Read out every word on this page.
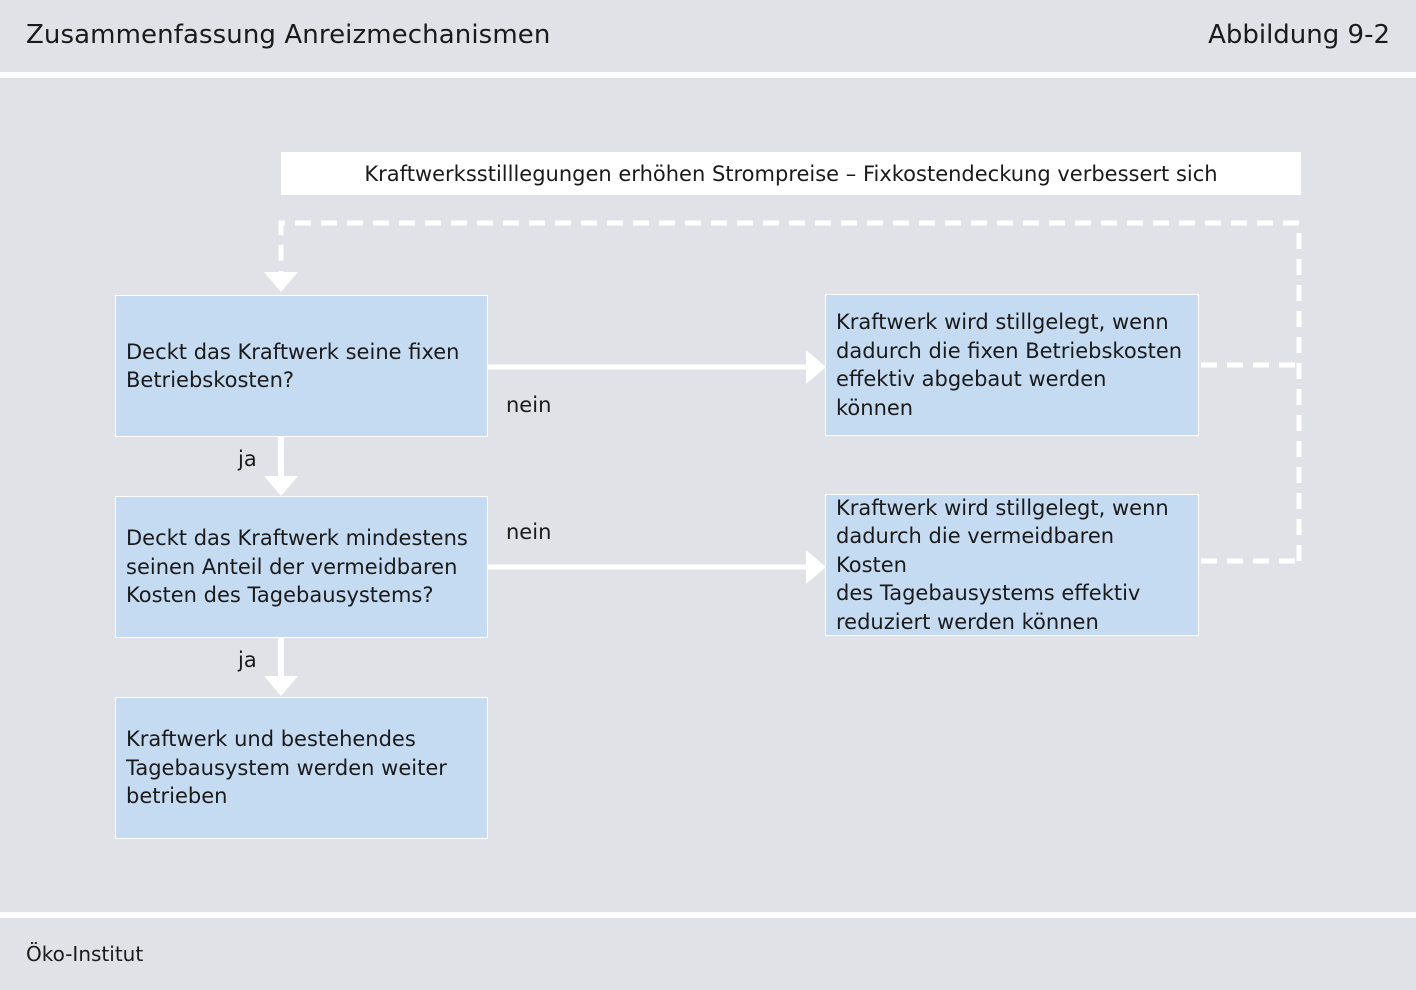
Zusammenfassung Anreizmechanismen	Abbildung 9-2
Kraftwerksstilllegungen erhöhen Strompreise – Fixkostendeckung verbessert sich
Deckt das Kraftwerk seine fixen
Betriebskosten?
Deckt das Kraftwerk mindestens
seinen Anteil der vermeidbaren
Kosten des Tagebausystems?
Kraftwerk und bestehendes
Tagebausystem werden weiter
betrieben
Kraftwerk wird stillgelegt, wenn
dadurch die fixen Betriebskosten
effektiv abgebaut werden können
Kraftwerk wird stillgelegt, wenn
dadurch die vermeidbaren Kosten
des Tagebausystems effektiv
reduziert werden können
nein
nein
ja
ja
Öko-Institut
